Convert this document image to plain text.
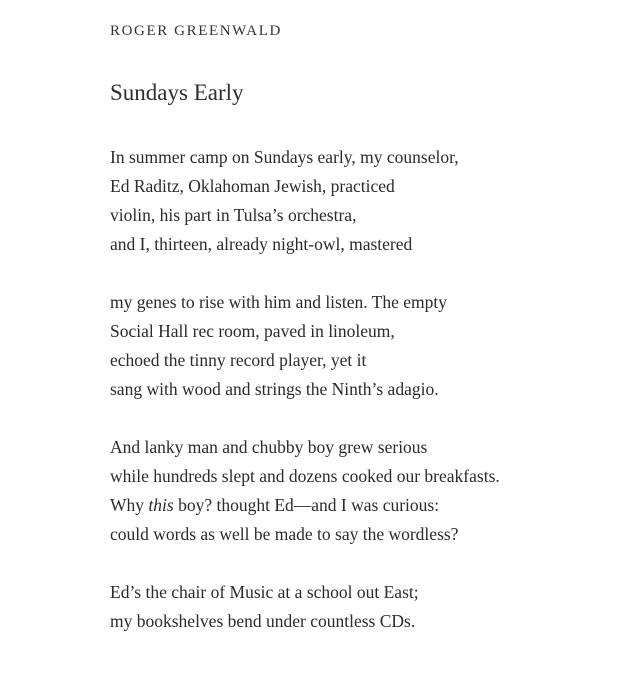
ROGER GREENWALD
Sundays Early
In summer camp on Sundays early, my counselor,
Ed Raditz, Oklahoman Jewish, practiced
violin, his part in Tulsa’s orchestra,
and I, thirteen, already night-owl, mastered
my genes to rise with him and listen. The empty
Social Hall rec room, paved in linoleum,
echoed the tinny record player, yet it
sang with wood and strings the Ninth’s adagio.
And lanky man and chubby boy grew serious
while hundreds slept and dozens cooked our breakfasts.
Why this boy? thought Ed—and I was curious:
could words as well be made to say the wordless?
Ed’s the chair of Music at a school out East;
my bookshelves bend under countless CDs.
